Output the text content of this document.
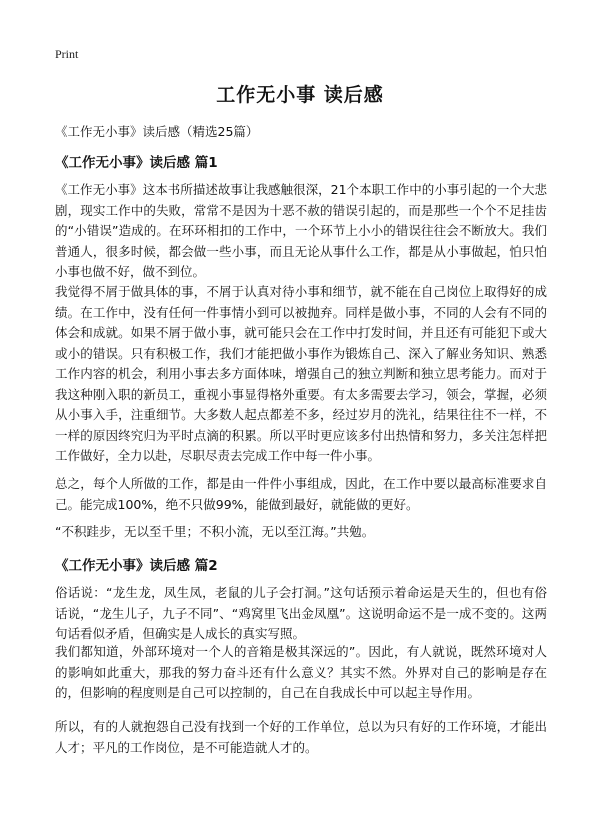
Print
工作无小事 读后感

《工作无小事》读后感（精选25篇）

《工作无小事》读后感 篇1

《工作无小事》这本书所描述故事让我感触很深，21个本职工作中的小事引起的一个大悲剧，现实工作中的失败，常常不是因为十恶不赦的错误引起的，而是那些一个个不足挂齿的“小错误”造成的。在环环相扣的工作中，一个环节上小小的错误往往会不断放大。我们普通人，很多时候，都会做一些小事，而且无论从事什么工作，都是从小事做起，怕只怕小事也做不好，做不到位。

我觉得不屑于做具体的事，不屑于认真对待小事和细节，就不能在自己岗位上取得好的成绩。在工作中，没有任何一件事情小到可以被抛弃。同样是做小事，不同的人会有不同的体会和成就。如果不屑于做小事，就可能只会在工作中打发时间，并且还有可能犯下或大或小的错误。只有积极工作，我们才能把做小事作为锻炼自己、深入了解业务知识、熟悉工作内容的机会，利用小事去多方面体味，增强自己的独立判断和独立思考能力。而对于我这种刚入职的新员工，重视小事显得格外重要。有太多需要去学习，领会，掌握，必须从小事入手，注重细节。大多数人起点都差不多，经过岁月的洗礼，结果往往不一样，不一样的原因终究归为平时点滴的积累。所以平时更应该多付出热情和努力，多关注怎样把工作做好，全力以赴，尽职尽责去完成工作中每一件小事。

总之，每个人所做的工作，都是由一件件小事组成，因此，在工作中要以最高标准要求自己。能完成100%，绝不只做99%，能做到最好，就能做的更好。

“不积跬步，无以至千里；不积小流，无以至江海。”共勉。

《工作无小事》读后感 篇2

俗话说：“龙生龙，凤生凤，老鼠的儿子会打洞。”这句话预示着命运是天生的，但也有俗话说，“龙生儿子，九子不同”、“鸡窝里飞出金凤凰”。这说明命运不是一成不变的。这两句话看似矛盾，但确实是人成长的真实写照。

我们都知道，外部环境对一个人的音箱是极其深远的”。因此，有人就说，既然环境对人的影响如此重大，那我的努力奋斗还有什么意义？其实不然。外界对自己的影响是存在的，但影响的程度则是自己可以控制的，自己在自我成长中可以起主导作用。

所以，有的人就抱怨自己没有找到一个好的工作单位，总以为只有好的工作环境，才能出人才；平凡的工作岗位，是不可能造就人才的。
